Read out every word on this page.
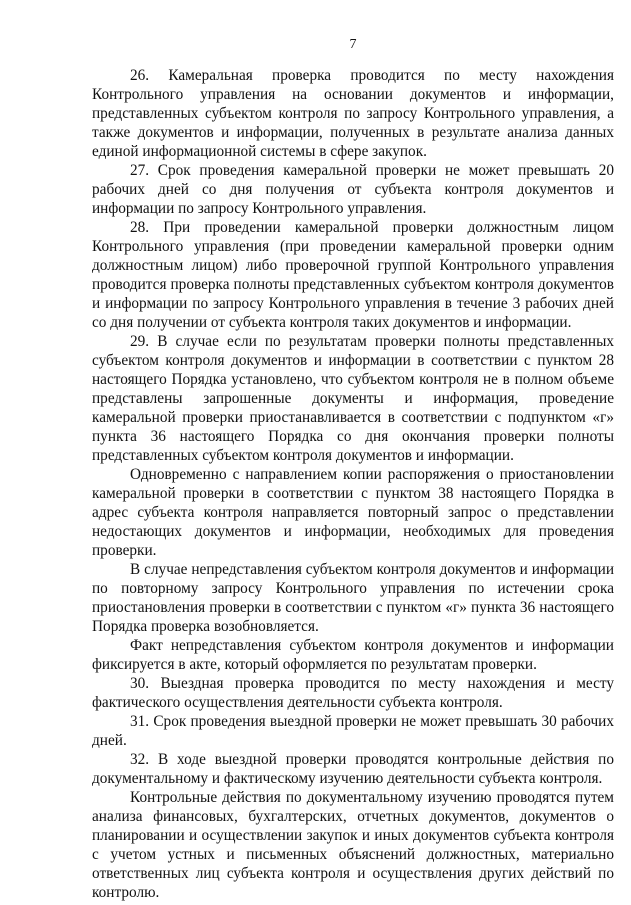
7

26. Камеральная проверка проводится по месту нахождения Контрольного управления на основании документов и информации, представленных субъектом контроля по запросу Контрольного управления, а также документов и информации, полученных в результате анализа данных единой информационной системы в сфере закупок.

27. Срок проведения камеральной проверки не может превышать 20 рабочих дней со дня получения от субъекта контроля документов и информации по запросу Контрольного управления.

28. При проведении камеральной проверки должностным лицом Контрольного управления (при проведении камеральной проверки одним должностным лицом) либо проверочной группой Контрольного управления проводится проверка полноты представленных субъектом контроля документов и информации по запросу Контрольного управления в течение 3 рабочих дней со дня получении от субъекта контроля таких документов и информации.

29. В случае если по результатам проверки полноты представленных субъектом контроля документов и информации в соответствии с пунктом 28 настоящего Порядка установлено, что субъектом контроля не в полном объеме представлены запрошенные документы и информация, проведение камеральной проверки приостанавливается в соответствии с подпунктом «г» пункта 36 настоящего Порядка со дня окончания проверки полноты представленных субъектом контроля документов и информации.

Одновременно с направлением копии распоряжения о приостановлении камеральной проверки в соответствии с пунктом 38 настоящего Порядка в адрес субъекта контроля направляется повторный запрос о представлении недостающих документов и информации, необходимых для проведения проверки.

В случае непредставления субъектом контроля документов и информации по повторному запросу Контрольного управления по истечении срока приостановления проверки в соответствии с пунктом «г» пункта 36 настоящего Порядка проверка возобновляется.

Факт непредставления субъектом контроля документов и информации фиксируется в акте, который оформляется по результатам проверки.

30. Выездная проверка проводится по месту нахождения и месту фактического осуществления деятельности субъекта контроля.

31. Срок проведения выездной проверки не может превышать 30 рабочих дней.

32. В ходе выездной проверки проводятся контрольные действия по документальному и фактическому изучению деятельности субъекта контроля.

Контрольные действия по документальному изучению проводятся путем анализа финансовых, бухгалтерских, отчетных документов, документов о планировании и осуществлении закупок и иных документов субъекта контроля с учетом устных и письменных объяснений должностных, материально ответственных лиц субъекта контроля и осуществления других действий по контролю.
